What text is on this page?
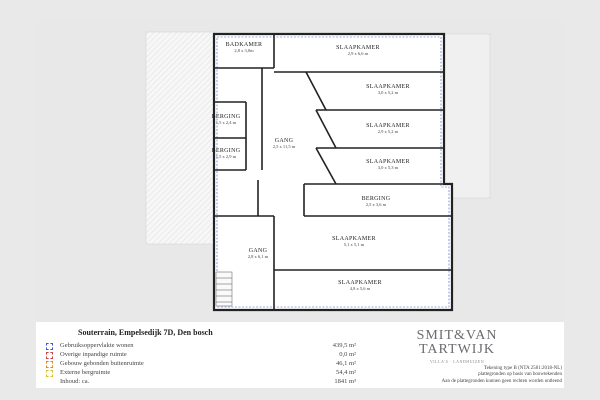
BADKAMER
2,8 x 3,0m	SLAAPKAMER
2,9 x 6,6 m
SLAAPKAMER
3,0 x 5,2 m
SLAAPKAMER
2,9 x 5,2 m
SLAAPKAMER
3,0 x 5,3 m
BERGING
1,5 x 2,4 m
BERGING
1,5 x 2,9 m
GANG
2,5 x 11,5 m
BERGING
2,5 x 3,6 m
SLAAPKAMER
5,1 x 5,1 m
GANG
2,8 x 6,1 m
SLAAPKAMER
4,8 x 5,6 m
Souterrain, Empelsedijk 7D, Den bosch
Gebruiksoppervlakte wonen	439,5 m²
Overige inpandige ruimte	0,0 m²
Gebouw gebonden buitenruimte	46,1 m²
Externe bergruimte	54,4 m²
Inhoud: ca.	1841 m³
SMIT&VAN
TARTWIJK
VILLA'S · LANDHUIZEN
Tekening type B (NTA 2581:2018-NL)
plattegronden op basis van bouwtekenden
Aan de plattegronden kunnen geen rechten worden ontleend
